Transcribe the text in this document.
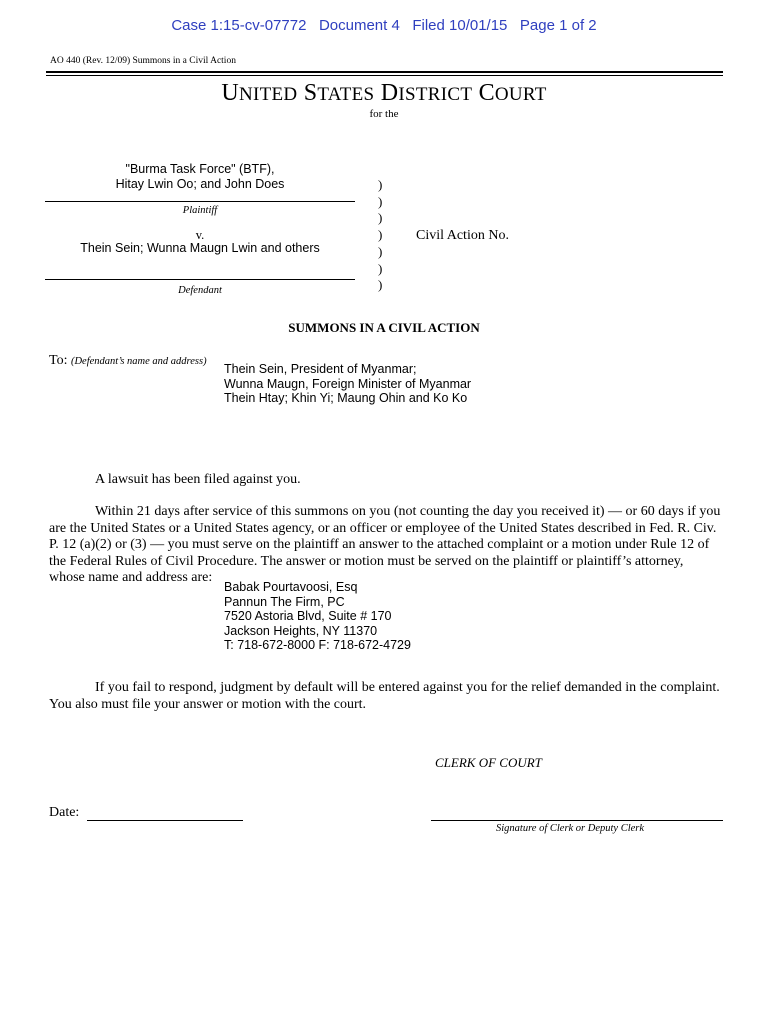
Case 1:15-cv-07772 Document 4 Filed 10/01/15 Page 1 of 2
AO 440 (Rev. 12/09) Summons in a Civil Action
UNITED STATES DISTRICT COURT
for the
"Burma Task Force" (BTF),
Hitay Lwin Oo; and John Does
Plaintiff
v.
Thein Sein; Wunna Maugn Lwin and others
Defendant
)
)
)
)
)
)
)
Civil Action No.
SUMMONS IN A CIVIL ACTION
To: (Defendant’s name and address)
Thein Sein, President of Myanmar;
Wunna Maugn, Foreign Minister of Myanmar
Thein Htay; Khin Yi; Maung Ohin and Ko Ko
A lawsuit has been filed against you.
Within 21 days after service of this summons on you (not counting the day you received it) — or 60 days if you
are the United States or a United States agency, or an officer or employee of the United States described in Fed. R. Civ.
P. 12 (a)(2) or (3) — you must serve on the plaintiff an answer to the attached complaint or a motion under Rule 12 of
the Federal Rules of Civil Procedure. The answer or motion must be served on the plaintiff or plaintiff’s attorney,
whose name and address are:
Babak Pourtavoosi, Esq
Pannun The Firm, PC
7520 Astoria Blvd, Suite # 170
Jackson Heights, NY 11370
T: 718-672-8000 F: 718-672-4729
If you fail to respond, judgment by default will be entered against you for the relief demanded in the complaint.
You also must file your answer or motion with the court.
CLERK OF COURT
Date:
Signature of Clerk or Deputy Clerk
